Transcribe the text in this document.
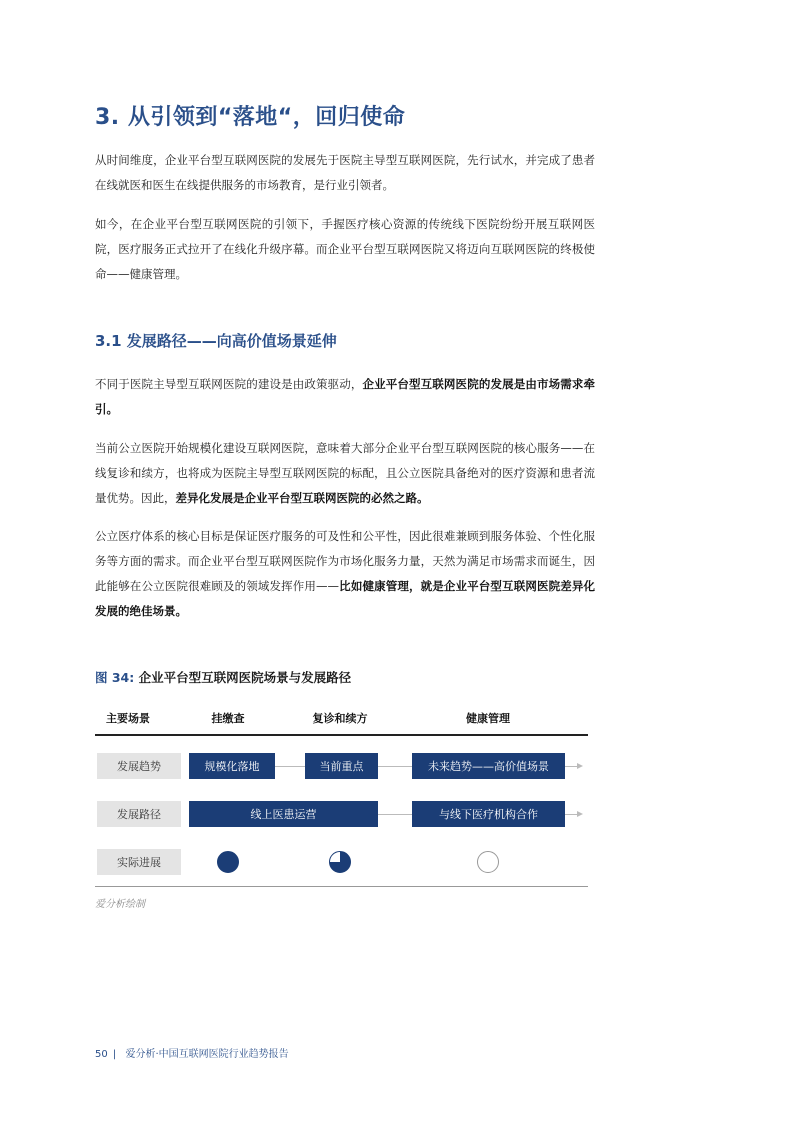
3. 从引领到“落地“，回归使命
从时间维度，企业平台型互联网医院的发展先于医院主导型互联网医院，先行试水，并完成了患者在线就医和医生在线提供服务的市场教育，是行业引领者。
如今，在企业平台型互联网医院的引领下，手握医疗核心资源的传统线下医院纷纷开展互联网医院，医疗服务正式拉开了在线化升级序幕。而企业平台型互联网医院又将迈向互联网医院的终极使命——健康管理。
3.1 发展路径——向高价值场景延伸
不同于医院主导型互联网医院的建设是由政策驱动，企业平台型互联网医院的发展是由市场需求牵引。
当前公立医院开始规模化建设互联网医院，意味着大部分企业平台型互联网医院的核心服务——在线复诊和续方，也将成为医院主导型互联网医院的标配，且公立医院具备绝对的医疗资源和患者流量优势。因此，差异化发展是企业平台型互联网医院的必然之路。
公立医疗体系的核心目标是保证医疗服务的可及性和公平性，因此很难兼顾到服务体验、个性化服务等方面的需求。而企业平台型互联网医院作为市场化服务力量，天然为满足市场需求而诞生，因此能够在公立医院很难顾及的领域发挥作用——比如健康管理，就是企业平台型互联网医院差异化发展的绝佳场景。
图 34: 企业平台型互联网医院场景与发展路径
主要场景	挂缴查	复诊和续方	健康管理
发展趋势	规模化落地	当前重点	未来趋势——高价值场景
发展路径	线上医患运营	与线下医疗机构合作
实际进展
爱分析绘制
50 | 爱分析·中国互联网医院行业趋势报告
